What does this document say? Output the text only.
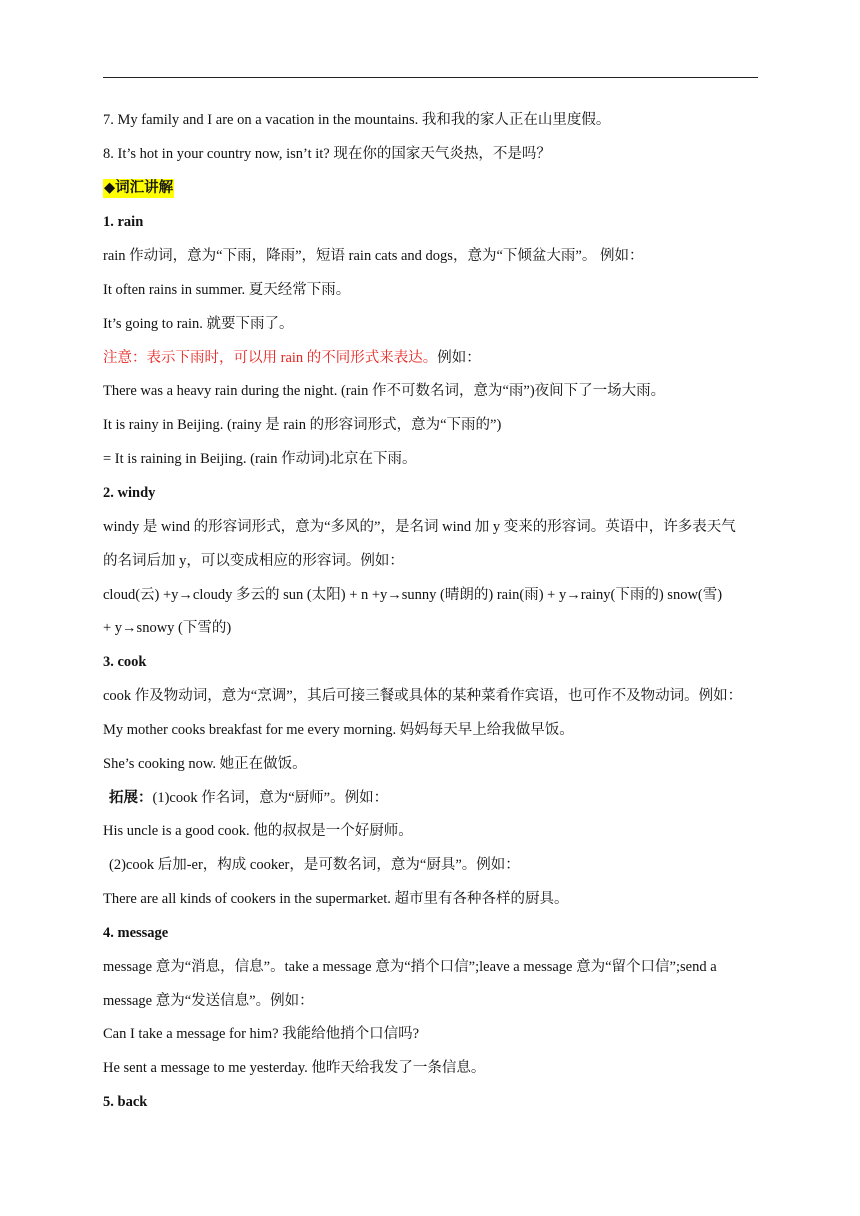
7. My family and I are on a vacation in the mountains. 我和我的家人正在山里度假。
8. It’s hot in your country now, isn’t it? 现在你的国家天气炎热，不是吗？
◆词汇讲解
1. rain
rain 作动词，意为“下雨，降雨”，短语 rain cats and dogs，意为“下倾盆大雨”。 例如：
It often rains in summer. 夏天经常下雨。
It’s going to rain. 就要下雨了。
注意：表示下雨时，可以用 rain 的不同形式来表达。例如：
There was a heavy rain during the night. (rain 作不可数名词，意为“雨”)夜间下了一场大雨。
It is rainy in Beijing. (rainy 是 rain 的形容词形式，意为“下雨的”)
= It is raining in Beijing. (rain 作动词)北京在下雨。
2. windy
windy 是 wind 的形容词形式，意为“多风的”，是名词 wind 加 y 变来的形容词。英语中，许多表天气
的名词后加 y，可以变成相应的形容词。例如：
cloud(云) +y→cloudy 多云的 sun (太阳) + n +y→sunny (晴朗的) rain(雨) + y→rainy(下雨的) snow(雪)
+ y→snowy (下雪的)
3. cook
cook 作及物动词，意为“烹调”，其后可接三餐或具体的某种菜肴作宾语，也可作不及物动词。例如：
My mother cooks breakfast for me every morning. 妈妈每天早上给我做早饭。
She’s cooking now. 她正在做饭。
拓展：(1)cook 作名词，意为“厨师”。例如：
His uncle is a good cook. 他的叔叔是一个好厨师。
(2)cook 后加-er，构成 cooker，是可数名词，意为“厨具”。例如：
There are all kinds of cookers in the supermarket. 超市里有各种各样的厨具。
4. message
message 意为“消息，信息”。take a message 意为“捎个口信”;leave a message 意为“留个口信”;send a
message 意为“发送信息”。例如：
Can I take a message for him? 我能给他捎个口信吗?
He sent a message to me yesterday. 他昨天给我发了一条信息。
5. back
